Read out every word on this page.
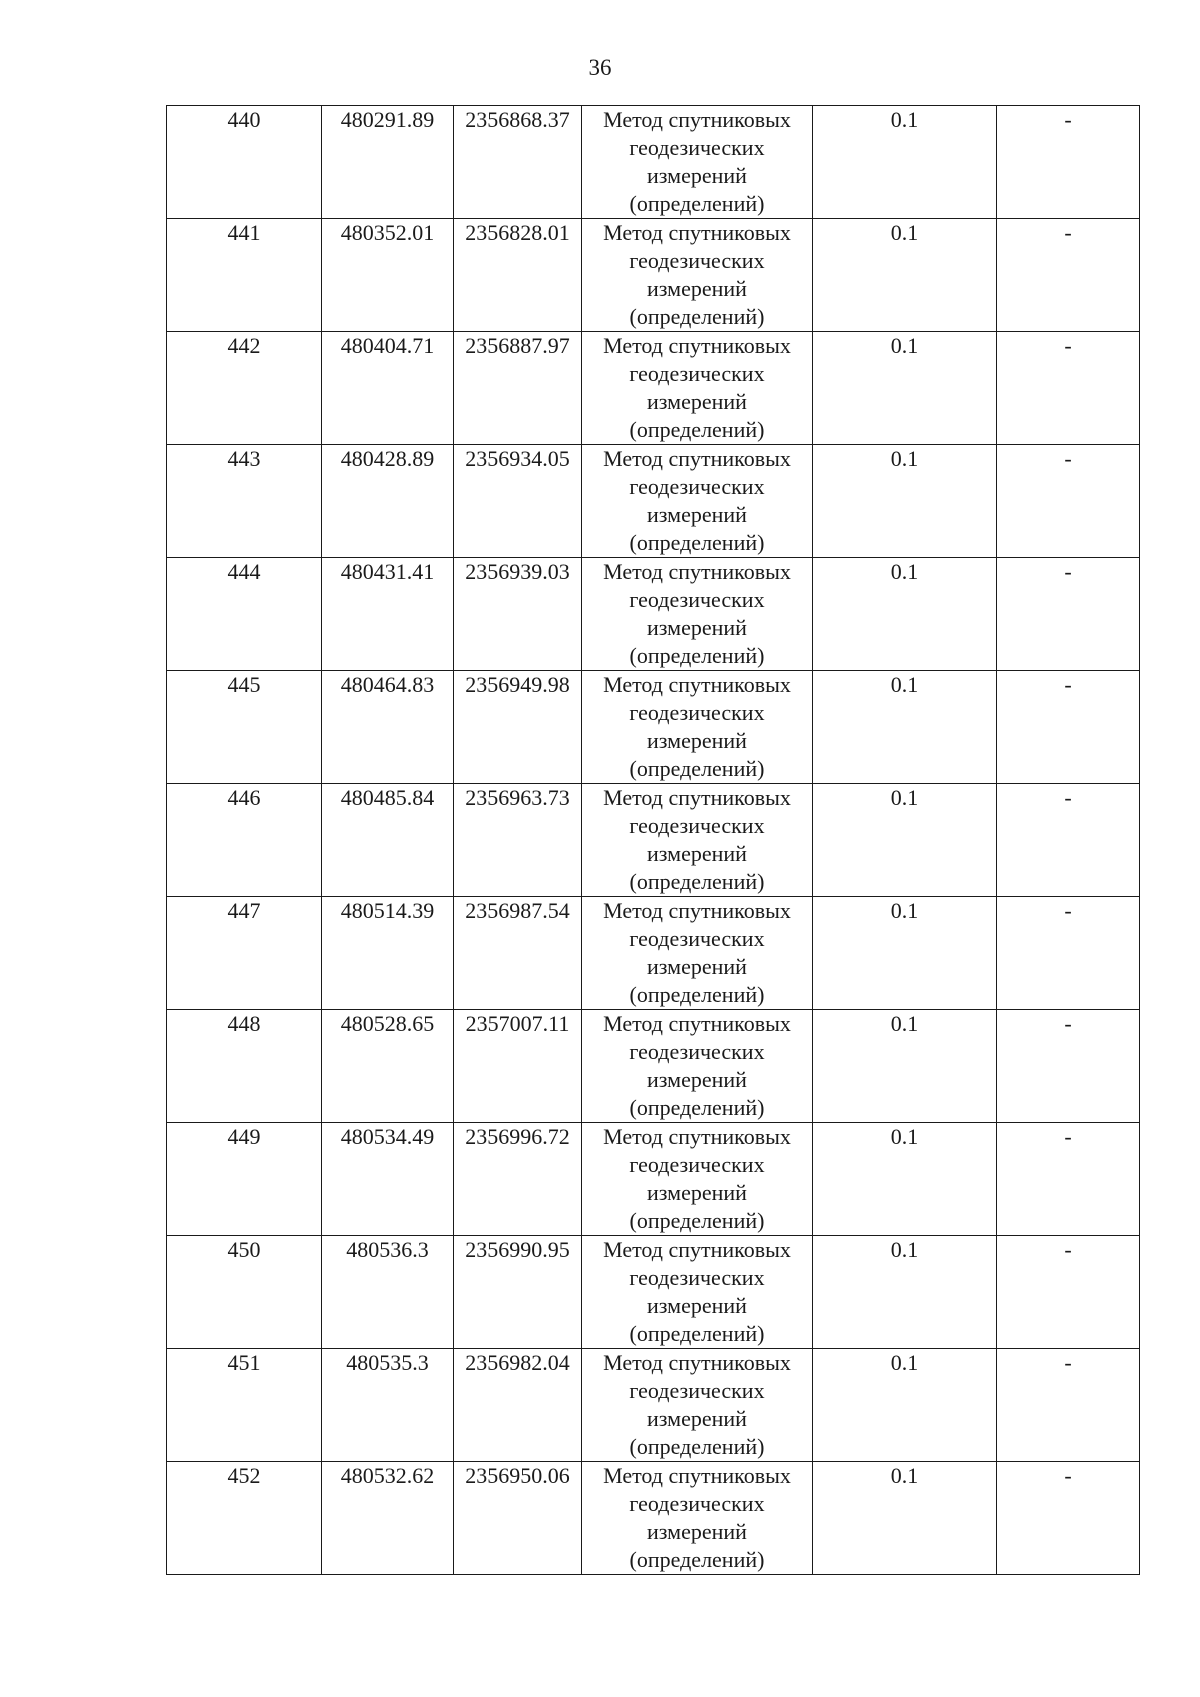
36
440	480291.89	2356868.37	Метод спутниковых
геодезических
измерений
(определений)	0.1	-
441	480352.01	2356828.01	Метод спутниковых
геодезических
измерений
(определений)	0.1	-
442	480404.71	2356887.97	Метод спутниковых
геодезических
измерений
(определений)	0.1	-
443	480428.89	2356934.05	Метод спутниковых
геодезических
измерений
(определений)	0.1	-
444	480431.41	2356939.03	Метод спутниковых
геодезических
измерений
(определений)	0.1	-
445	480464.83	2356949.98	Метод спутниковых
геодезических
измерений
(определений)	0.1	-
446	480485.84	2356963.73	Метод спутниковых
геодезических
измерений
(определений)	0.1	-
447	480514.39	2356987.54	Метод спутниковых
геодезических
измерений
(определений)	0.1	-
448	480528.65	2357007.11	Метод спутниковых
геодезических
измерений
(определений)	0.1	-
449	480534.49	2356996.72	Метод спутниковых
геодезических
измерений
(определений)	0.1	-
450	480536.3	2356990.95	Метод спутниковых
геодезических
измерений
(определений)	0.1	-
451	480535.3	2356982.04	Метод спутниковых
геодезических
измерений
(определений)	0.1	-
452	480532.62	2356950.06	Метод спутниковых
геодезических
измерений
(определений)	0.1	-
